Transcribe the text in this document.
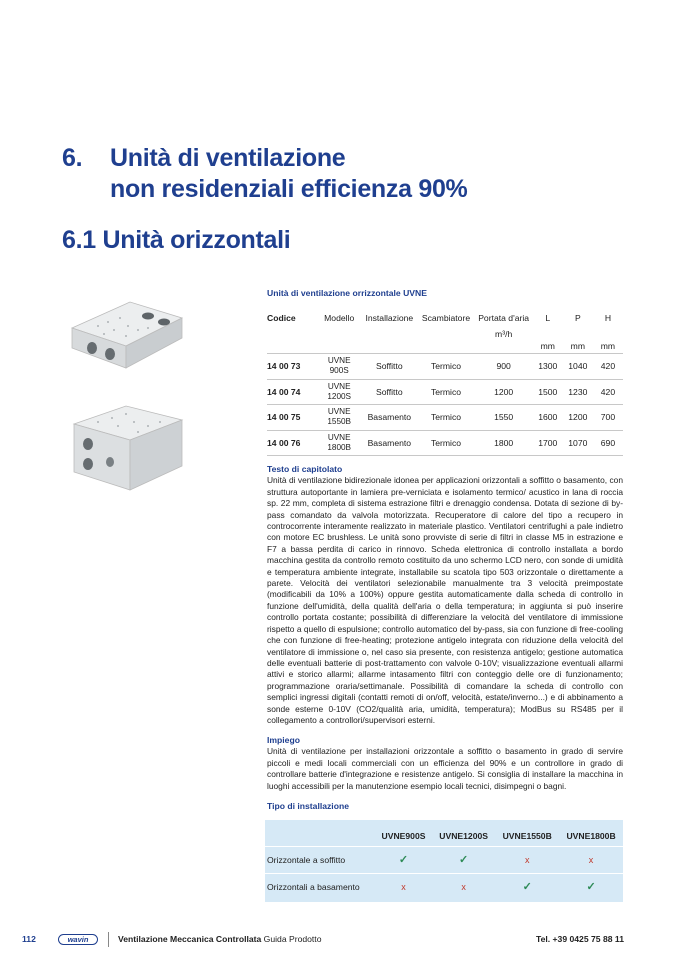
6. Unità di ventilazione
non residenziali efficienza 90%
6.1 Unità orizzontali
Unità di ventilazione orrizzontale UVNE
Codice	Modello	Installazione	Scambiatore	Portata d'aria	L	P	H
				m³/h			
					mm	mm	mm
14 00 73	UVNE 900S	Soffitto	Termico	900	1300	1040	420
14 00 74	UVNE 1200S	Soffitto	Termico	1200	1500	1230	420
14 00 75	UVNE 1550B	Basamento	Termico	1550	1600	1200	700
14 00 76	UVNE 1800B	Basamento	Termico	1800	1700	1070	690
Testo di capitolato
Unità di ventilazione bidirezionale idonea per applicazioni orizzontali a soffitto o basamento, con struttura autoportante in lamiera pre-verniciata e isolamento termico/ acustico in lana di roccia sp. 22 mm, completa di sistema estrazione filtri e drenaggio condensa. Dotata di sezione di by-pass comandato da valvola motorizzata. Recuperatore di calore del tipo a recupero in controcorrente interamente realizzato in materiale plastico. Ventilatori centrifughi a pale indietro con motore EC brushless. Le unità sono provviste di serie di filtri in classe M5 in estrazione e F7 a bassa perdita di carico in rinnovo. Scheda elettronica di controllo installata a bordo macchina gestita da controllo remoto costituito da uno schermo LCD nero, con sonde di umidità e temperatura ambiente integrate, installabile su scatola tipo 503 orizzontale o direttamente a parete. Velocità dei ventilatori selezionabile manualmente tra 3 velocità preimpostate (modificabili da 10% a 100%) oppure gestita automaticamente dalla scheda di controllo in funzione dell'umidità, della qualità dell'aria o della temperatura; in aggiunta si può inserire controllo portata costante; possibilità di differenziare la velocità del ventilatore di immissione rispetto a quello di espulsione; controllo automatico del by-pass, sia con funzione di free-cooling che con funzione di free-heating; protezione antigelo integrata con riduzione della velocità del ventilatore di immissione o, nel caso sia presente, con resistenza antigelo; gestione automatica delle eventuali batterie di post-trattamento con valvole 0-10V; visualizzazione eventuali allarmi attivi e storico allarmi; allarme intasamento filtri con conteggio delle ore di funzionamento; programmazione oraria/settimanale. Possibilità di comandare la scheda di controllo con semplici ingressi digitali (contatti remoti di on/off, velocità, estate/inverno...) e di abbinamento a sonde esterne 0-10V (CO2/qualità aria, umidità, temperatura); ModBus su RS485 per il collegamento a controllori/supervisori esterni.
Impiego
Unità di ventilazione per installazioni orizzontale a soffitto o basamento in grado di servire piccoli e medi locali commerciali con un efficienza del 90% e un controllore in grado di controllare batterie d'integrazione e resistenze antigelo. Si consiglia di installare la macchina in luoghi accessibili per la manutenzione esempio locali tecnici, disimpegni o bagni.
Tipo di installazione
	UVNE900S	UVNE1200S	UVNE1550B	UVNE1800B
Orizzontale a soffitto	✓	✓	x	x
Orizzontali a basamento	x	x	✓	✓
112	wavin	Ventilazione Meccanica Controllata Guida Prodotto	Tel. +39 0425 75 88 11
